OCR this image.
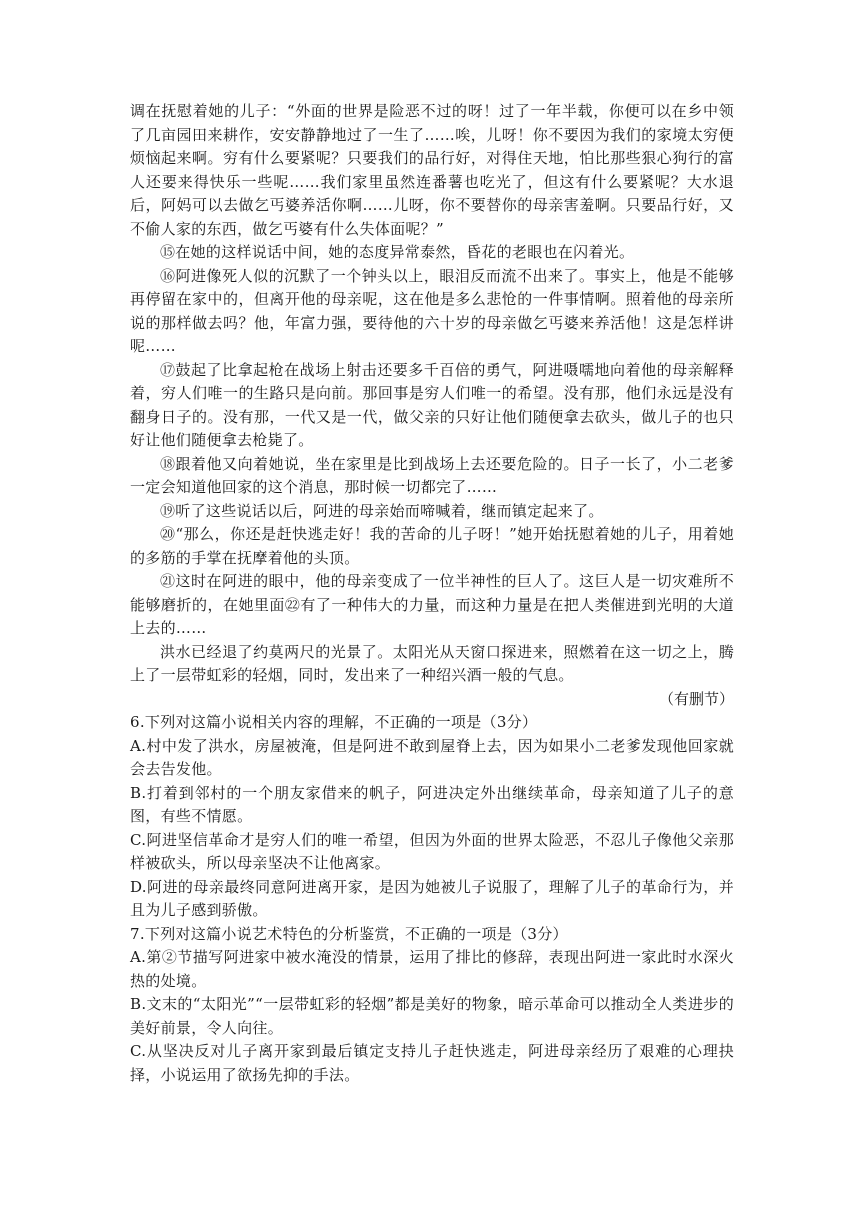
调在抚慰着她的儿子：“外面的世界是险恶不过的呀！过了一年半载，你便可以在乡中领了几亩园田来耕作，安安静静地过了一生了……唉，儿呀！你不要因为我们的家境太穷便烦恼起来啊。穷有什么要紧呢？只要我们的品行好，对得住天地，怕比那些狠心狗行的富人还要来得快乐一些呢……我们家里虽然连番薯也吃光了，但这有什么要紧呢？大水退后，阿妈可以去做乞丐婆养活你啊……儿呀，你不要替你的母亲害羞啊。只要品行好，又不偷人家的东西，做乞丐婆有什么失体面呢？”

⑮在她的这样说话中间，她的态度异常泰然，昏花的老眼也在闪着光。

⑯阿进像死人似的沉默了一个钟头以上，眼泪反而流不出来了。事实上，他是不能够再停留在家中的，但离开他的母亲呢，这在他是多么悲怆的一件事情啊。照着他的母亲所说的那样做去吗？他，年富力强，要待他的六十岁的母亲做乞丐婆来养活他！这是怎样讲呢……

⑰鼓起了比拿起枪在战场上射击还要多千百倍的勇气，阿进嗫嚅地向着他的母亲解释着，穷人们唯一的生路只是向前。那回事是穷人们唯一的希望。没有那，他们永远是没有翻身日子的。没有那，一代又是一代，做父亲的只好让他们随便拿去砍头，做儿子的也只好让他们随便拿去枪毙了。

⑱跟着他又向着她说，坐在家里是比到战场上去还要危险的。日子一长了，小二老爹一定会知道他回家的这个消息，那时候一切都完了……

⑲听了这些说话以后，阿进的母亲始而啼喊着，继而镇定起来了。

⑳“那么，你还是赶快逃走好！我的苦命的儿子呀！”她开始抚慰着她的儿子，用着她的多筋的手掌在抚摩着他的头顶。

㉑这时在阿进的眼中，他的母亲变成了一位半神性的巨人了。这巨人是一切灾难所不能够磨折的，在她里面㉒有了一种伟大的力量，而这种力量是在把人类催进到光明的大道上去的……

洪水已经退了约莫两尺的光景了。太阳光从天窗口探进来，照燃着在这一切之上，腾上了一层带虹彩的轻烟，同时，发出来了一种绍兴酒一般的气息。

（有删节）

6.下列对这篇小说相关内容的理解，不正确的一项是（3分）

A.村中发了洪水，房屋被淹，但是阿进不敢到屋脊上去，因为如果小二老爹发现他回家就会去告发他。

B.打着到邻村的一个朋友家借来的帆子，阿进决定外出继续革命，母亲知道了儿子的意图，有些不情愿。

C.阿进坚信革命才是穷人们的唯一希望，但因为外面的世界太险恶，不忍儿子像他父亲那样被砍头，所以母亲坚决不让他离家。

D.阿进的母亲最终同意阿进离开家，是因为她被儿子说服了，理解了儿子的革命行为，并且为儿子感到骄傲。

7.下列对这篇小说艺术特色的分析鉴赏，不正确的一项是（3分）

A.第②节描写阿进家中被水淹没的情景，运用了排比的修辞，表现出阿进一家此时水深火热的处境。

B.文末的“太阳光”“一层带虹彩的轻烟”都是美好的物象，暗示革命可以推动全人类进步的美好前景，令人向往。

C.从坚决反对儿子离开家到最后镇定支持儿子赶快逃走，阿进母亲经历了艰难的心理抉择，小说运用了欲扬先抑的手法。
